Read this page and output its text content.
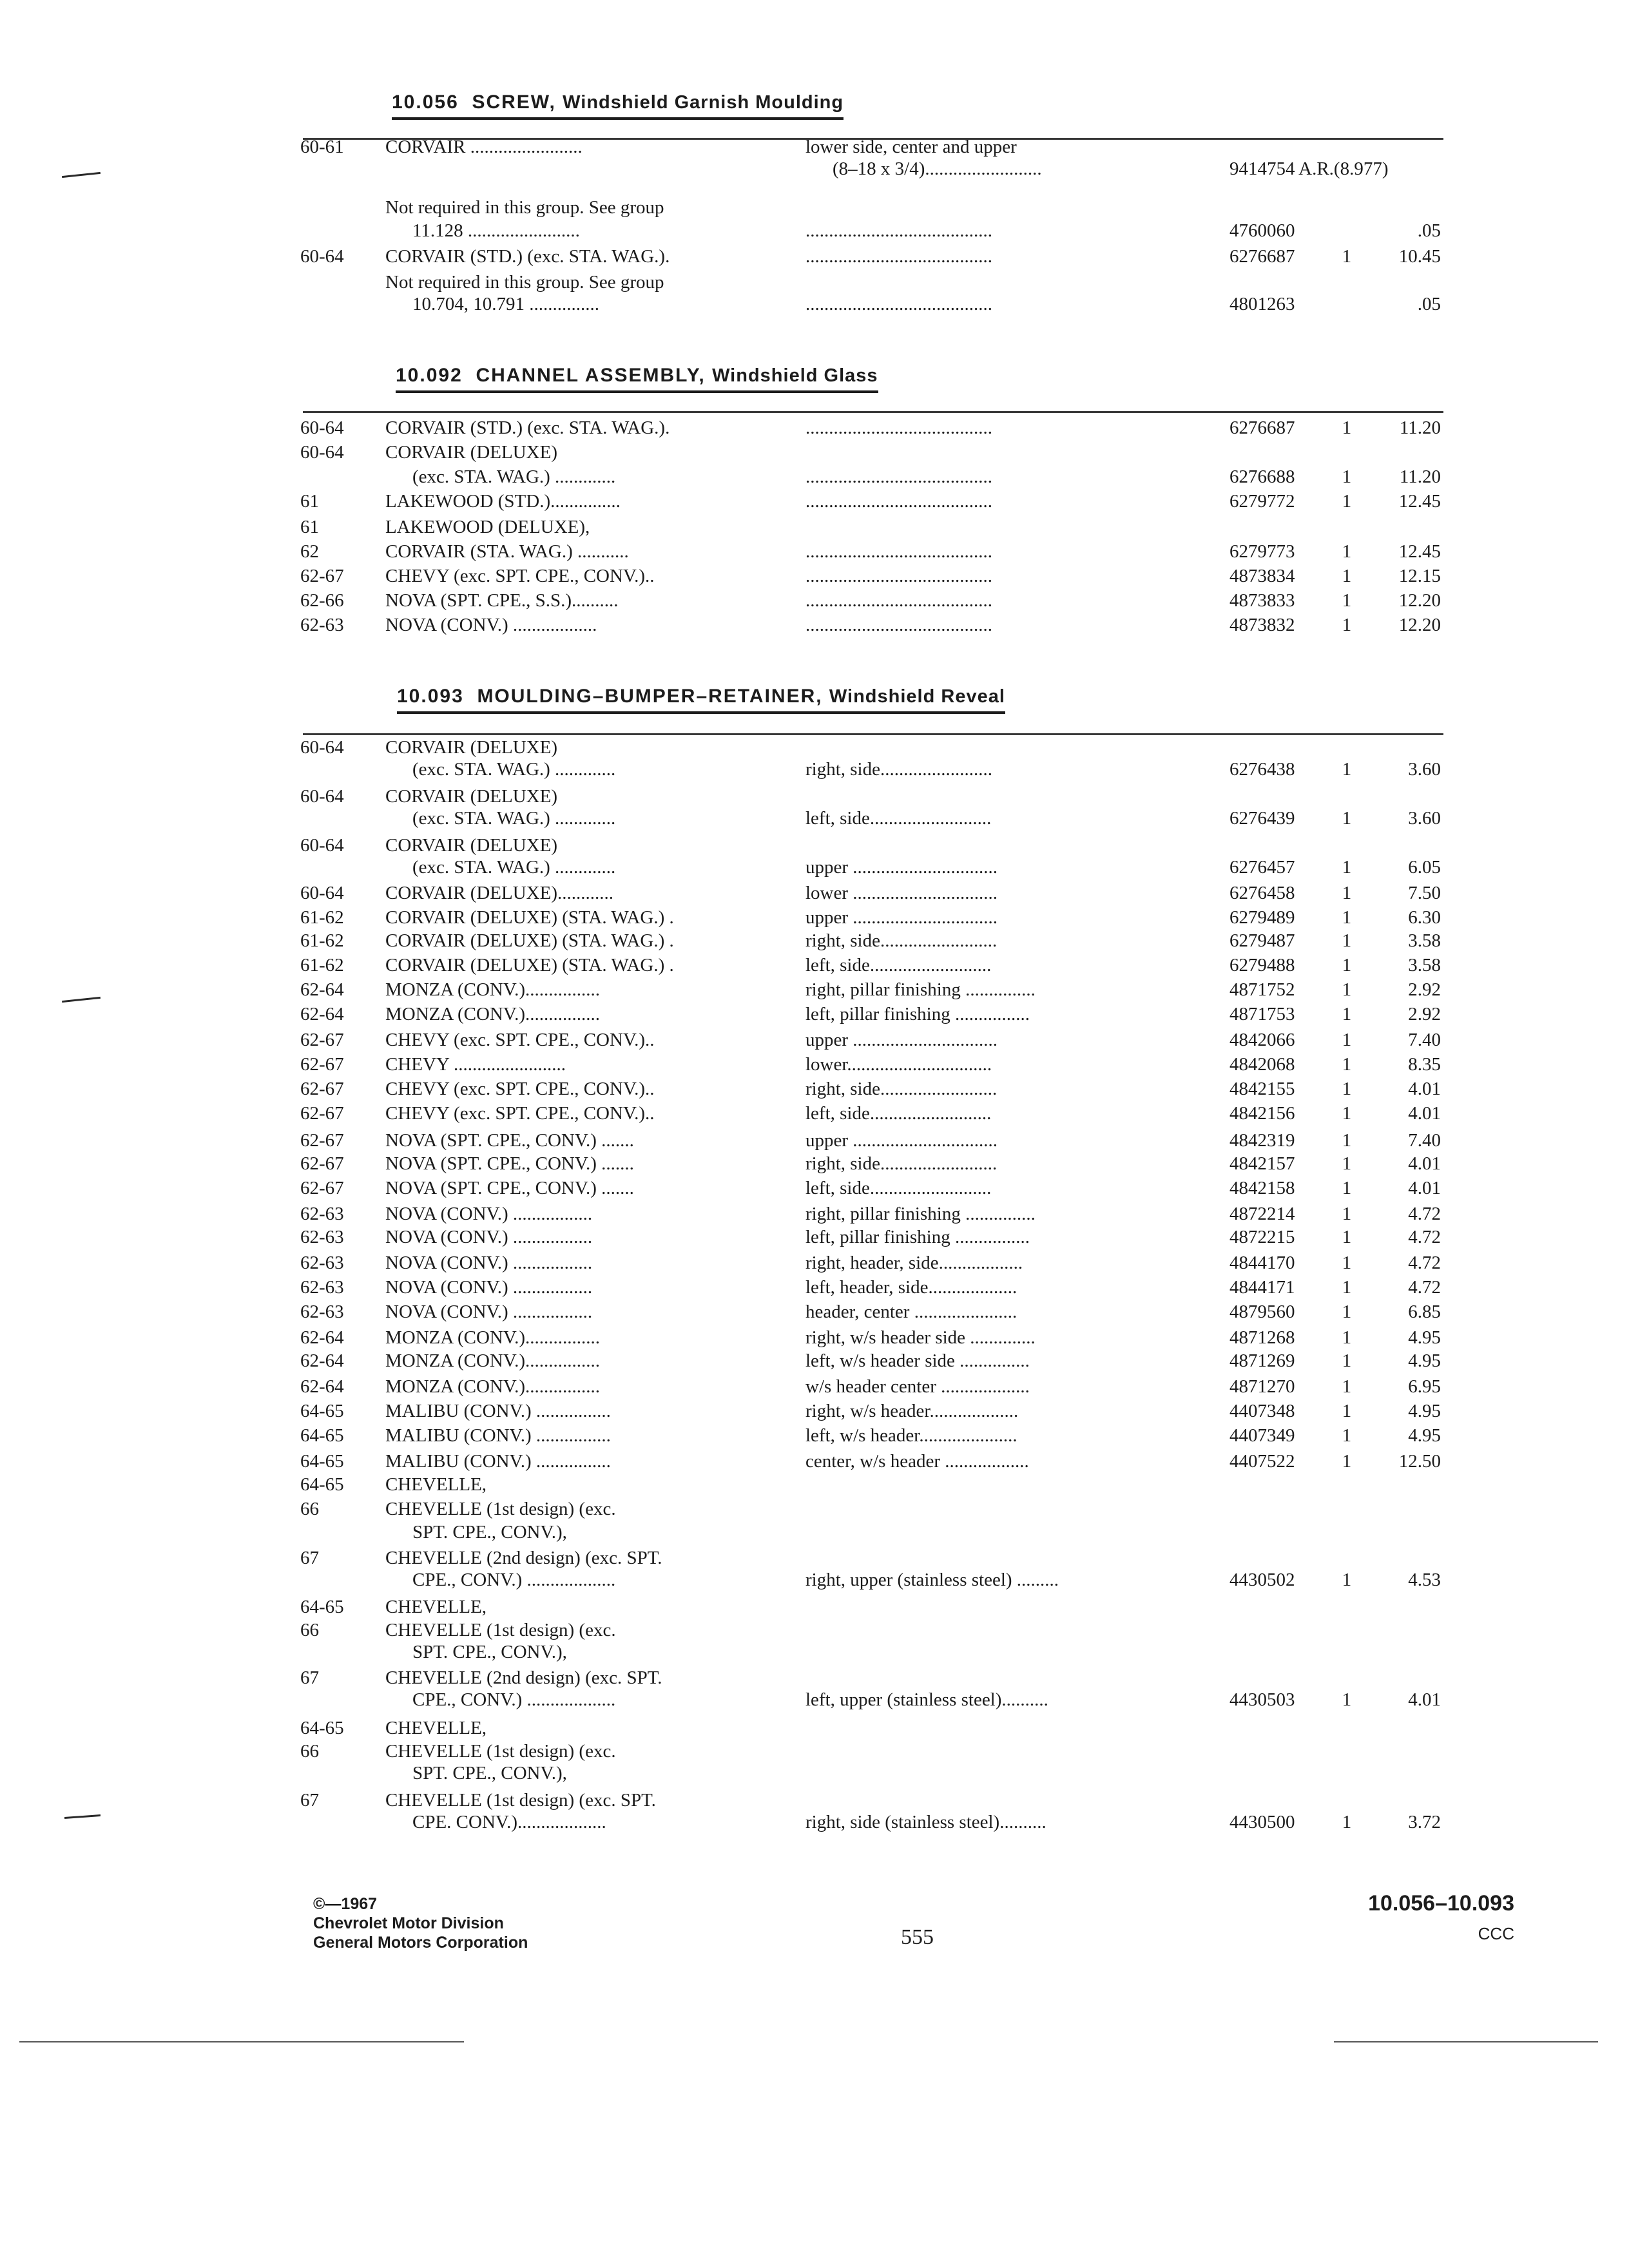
10.056 SCREW, Windshield Garnish Moulding
60-61 CORVAIR ........................	lower side, center and upper
(8–18 x 3/4).........................	9414754 A.R.(8.977)
Not required in this group. See group
11.128 ........................	........................................	4760060	.05
60-64 CORVAIR (STD.) (exc. STA. WAG.).	........................................	6276687	1	10.45
Not required in this group. See group
10.704, 10.791 ...............	........................................	4801263	.05
10.092 CHANNEL ASSEMBLY, Windshield Glass
60-64 CORVAIR (STD.) (exc. STA. WAG.).	........................................	6276687	1	11.20
60-64 CORVAIR (DELUXE)
(exc. STA. WAG.) .............	........................................	6276688	1	11.20
61	LAKEWOOD (STD.)...............	........................................	6279772	1	12.45
61	LAKEWOOD (DELUXE),
62	CORVAIR (STA. WAG.) ...........	........................................	6279773	1	12.45
62-67 CHEVY (exc. SPT. CPE., CONV.)..	........................................	4873834	1	12.15
62-66 NOVA (SPT. CPE., S.S.)..........	........................................	4873833	1	12.20
62-63 NOVA (CONV.) ..................	........................................	4873832	1	12.20
10.093 MOULDING–BUMPER–RETAINER, Windshield Reveal
60-64 CORVAIR (DELUXE)
(exc. STA. WAG.) .............	right, side........................	6276438	1	3.60
60-64 CORVAIR (DELUXE)
(exc. STA. WAG.) .............	left, side..........................	6276439	1	3.60
60-64 CORVAIR (DELUXE)
(exc. STA. WAG.) .............	upper ...............................	6276457	1	6.05
60-64 CORVAIR (DELUXE)............	lower ...............................	6276458	1	7.50
61-62 CORVAIR (DELUXE) (STA. WAG.) .	upper ...............................	6279489	1	6.30
61-62 CORVAIR (DELUXE) (STA. WAG.) .	right, side.........................	6279487	1	3.58
61-62 CORVAIR (DELUXE) (STA. WAG.) .	left, side..........................	6279488	1	3.58
62-64 MONZA (CONV.)................	right, pillar finishing ...............	4871752	1	2.92
62-64 MONZA (CONV.)................	left, pillar finishing ................	4871753	1	2.92
62-67 CHEVY (exc. SPT. CPE., CONV.)..	upper ...............................	4842066	1	7.40
62-67 CHEVY ........................	lower...............................	4842068	1	8.35
62-67 CHEVY (exc. SPT. CPE., CONV.)..	right, side.........................	4842155	1	4.01
62-67 CHEVY (exc. SPT. CPE., CONV.)..	left, side..........................	4842156	1	4.01
62-67 NOVA (SPT. CPE., CONV.) .......	upper ...............................	4842319	1	7.40
62-67 NOVA (SPT. CPE., CONV.) .......	right, side.........................	4842157	1	4.01
62-67 NOVA (SPT. CPE., CONV.) .......	left, side..........................	4842158	1	4.01
62-63 NOVA (CONV.) .................	right, pillar finishing ...............	4872214	1	4.72
62-63 NOVA (CONV.) .................	left, pillar finishing ................	4872215	1	4.72
62-63 NOVA (CONV.) .................	right, header, side..................	4844170	1	4.72
62-63 NOVA (CONV.) .................	left, header, side...................	4844171	1	4.72
62-63 NOVA (CONV.) .................	header, center ......................	4879560	1	6.85
62-64 MONZA (CONV.)................	right, w/s header side ..............	4871268	1	4.95
62-64 MONZA (CONV.)................	left, w/s header side ...............	4871269	1	4.95
62-64 MONZA (CONV.)................	w/s header center ...................	4871270	1	6.95
64-65 MALIBU (CONV.) ................	right, w/s header...................	4407348	1	4.95
64-65 MALIBU (CONV.) ................	left, w/s header.....................	4407349	1	4.95
64-65 MALIBU (CONV.) ................	center, w/s header ..................	4407522	1	12.50
64-65 CHEVELLE,
66	CHEVELLE (1st design) (exc.
SPT. CPE., CONV.),
67	CHEVELLE (2nd design) (exc. SPT.
CPE., CONV.) ...................	right, upper (stainless steel) .........	4430502	1	4.53
64-65 CHEVELLE,
66	CHEVELLE (1st design) (exc.
SPT. CPE., CONV.),
67	CHEVELLE (2nd design) (exc. SPT.
CPE., CONV.) ...................	left, upper (stainless steel)..........	4430503	1	4.01
64-65 CHEVELLE,
66	CHEVELLE (1st design) (exc.
SPT. CPE., CONV.),
67	CHEVELLE (1st design) (exc. SPT.
CPE. CONV.)...................	right, side (stainless steel)..........	4430500	1	3.72
©—1967
Chevrolet Motor Division
General Motors Corporation	555
10.056–10.093
CCC
